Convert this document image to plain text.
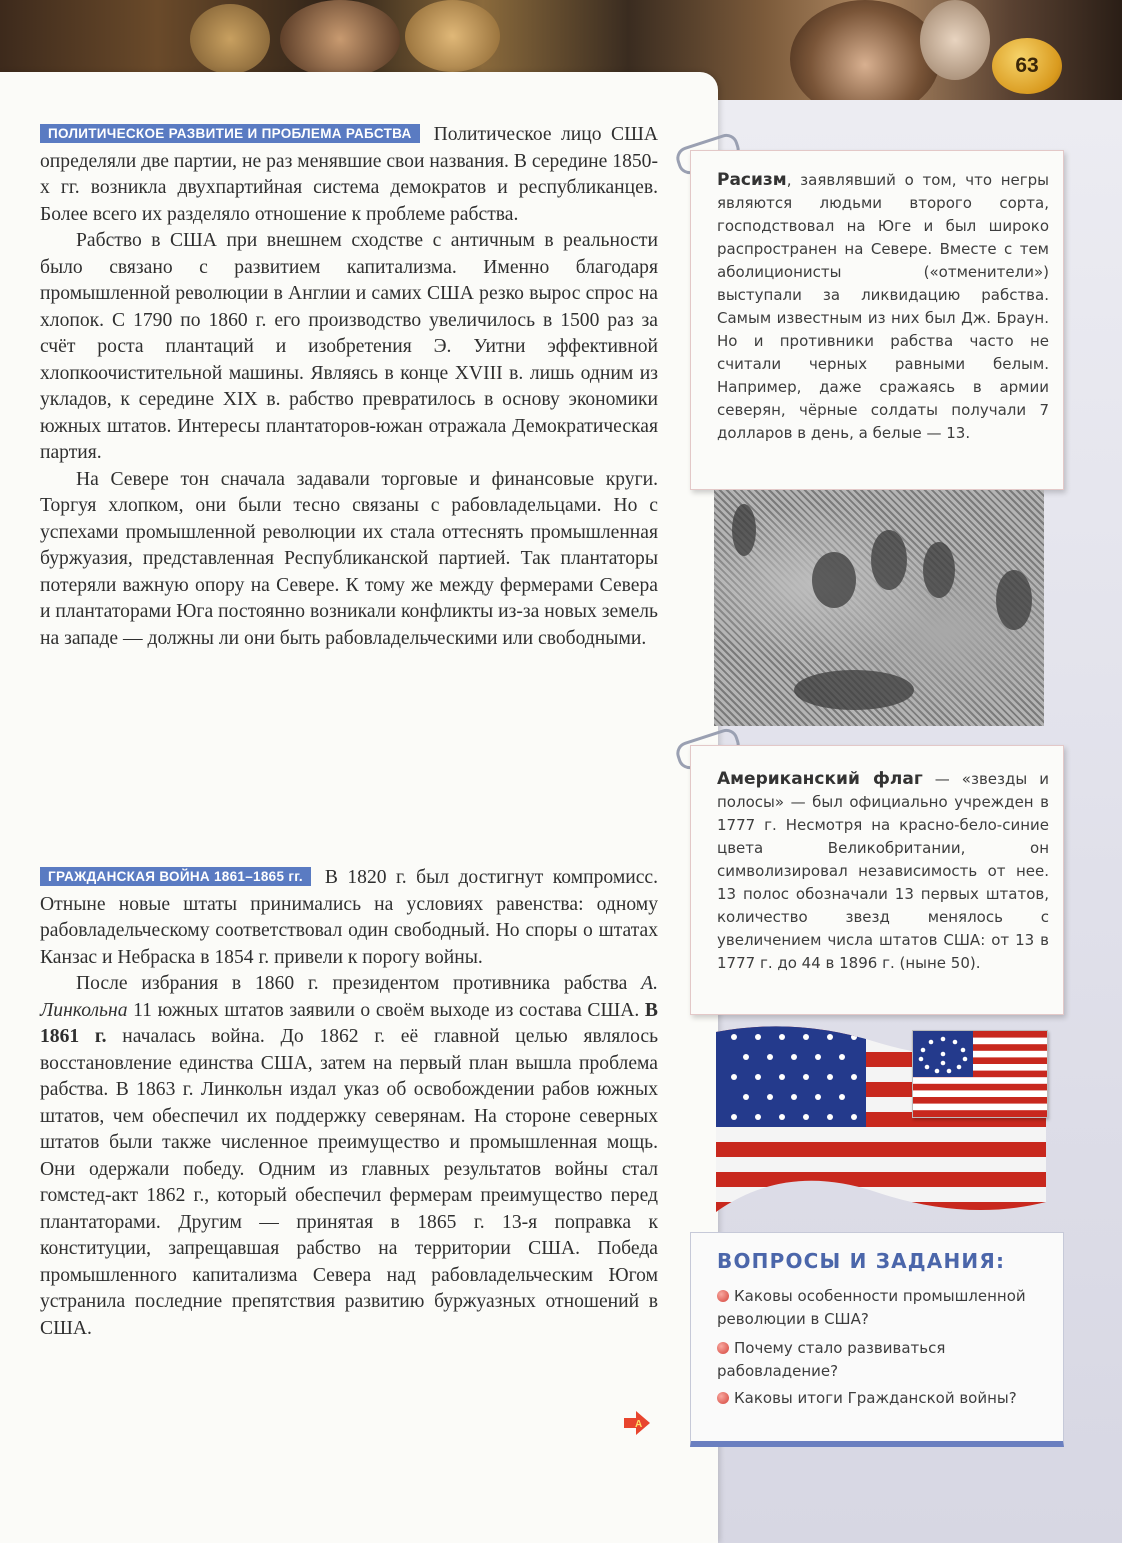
63

ПОЛИТИЧЕСКОЕ РАЗВИТИЕ И ПРОБЛЕМА РАБСТВА Политическое лицо США определяли две партии, не раз менявшие свои названия. В середине 1850-х гг. возникла двухпартийная система демократов и республиканцев. Более всего их разделяло отношение к проблеме рабства.

Рабство в США при внешнем сходстве с античным в реальности было связано с развитием капитализма. Именно благодаря промышленной революции в Англии и самих США резко вырос спрос на хлопок. С 1790 по 1860 г. его производство увеличилось в 1500 раз за счёт роста плантаций и изобретения Э. Уитни эффективной хлопкоочистительной машины. Являясь в конце XVIII в. лишь одним из укладов, к середине XIX в. рабство превратилось в основу экономики южных штатов. Интересы плантаторов-южан отражала Демократическая партия.

На Севере тон сначала задавали торговые и финансовые круги. Торгуя хлопком, они были тесно связаны с рабовладельцами. Но с успехами промышленной революции их стала оттеснять промышленная буржуазия, представленная Республиканской партией. Так плантаторы потеряли важную опору на Севере. К тому же между фермерами Севера и плантаторами Юга постоянно возникали конфликты из-за новых земель на западе — должны ли они быть рабовладельческими или свободными.

ГРАЖДАНСКАЯ ВОЙНА 1861–1865 гг. В 1820 г. был достигнут компромисс. Отныне новые штаты принимались на условиях равенства: одному рабовладельческому соответствовал один свободный. Но споры о штатах Канзас и Небраска в 1854 г. привели к порогу войны.

После избрания в 1860 г. президентом противника рабства А. Линкольна 11 южных штатов заявили о своём выходе из состава США. В 1861 г. началась война. До 1862 г. её главной целью являлось восстановление единства США, затем на первый план вышла проблема рабства. В 1863 г. Линкольн издал указ об освобождении рабов южных штатов, чем обеспечил их поддержку северянам. На стороне северных штатов были также численное преимущество и промышленная мощь. Они одержали победу. Одним из главных результатов войны стал гомстед-акт 1862 г., который обеспечил фермерам преимущество перед плантаторами. Другим — принятая в 1865 г. 13-я поправка к конституции, запрещавшая рабство на территории США. Победа промышленного капитализма Севера над рабовладельческим Югом устранила последние препятствия развитию буржуазных отношений в США.

A
Расизм, заявлявший о том, что негры являются людьми второго сорта, господствовал на Юге и был широко распространен на Севере. Вместе с тем аболиционисты («отменители») выступали за ликвидацию рабства. Самым известным из них был Дж. Браун. Но и противники рабства часто не считали черных равными белым. Например, даже сражаясь в армии северян, чёрные солдаты получали 7 долларов в день, а белые — 13.
Американский флаг — «звезды и полосы» — был официально учрежден в 1777 г. Несмотря на красно-бело-синие цвета Великобритании, он символизировал независимость от нее. 13 полос обозначали 13 первых штатов, количество звезд менялось с увеличением числа штатов США: от 13 в 1777 г. до 44 в 1896 г. (ныне 50).
ВОПРОСЫ И ЗАДАНИЯ:
Каковы особенности промышленной революции в США?
Почему стало развиваться рабовладение?
Каковы итоги Гражданской войны?
